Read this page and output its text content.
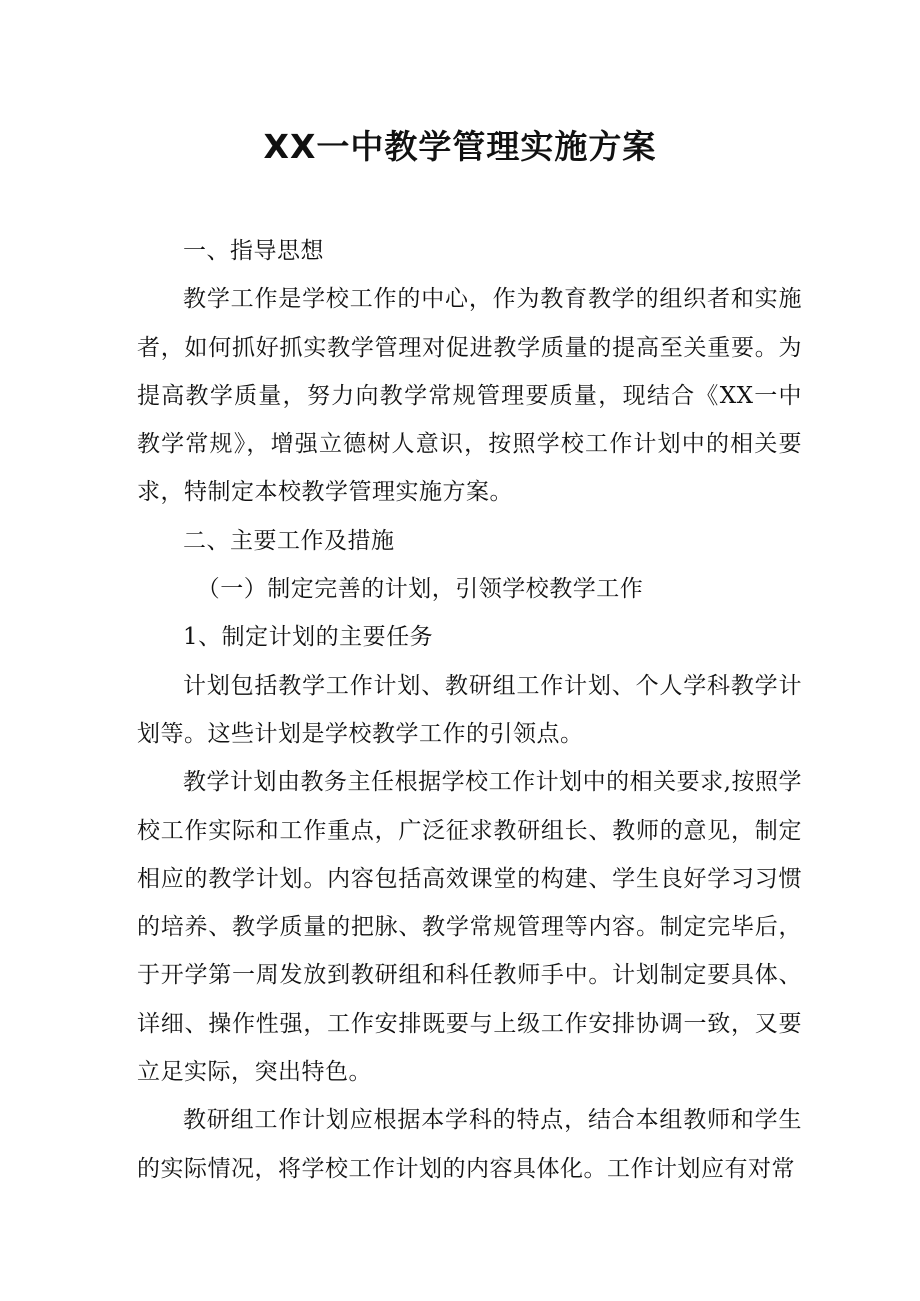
XX一中教学管理实施方案

一、指导思想

教学工作是学校工作的中心，作为教育教学的组织者和实施者，如何抓好抓实教学管理对促进教学质量的提高至关重要。为提高教学质量，努力向教学常规管理要质量，现结合《XX一中教学常规》，增强立德树人意识，按照学校工作计划中的相关要求，特制定本校教学管理实施方案。

二、主要工作及措施

（一）制定完善的计划，引领学校教学工作

1、制定计划的主要任务

计划包括教学工作计划、教研组工作计划、个人学科教学计划等。这些计划是学校教学工作的引领点。

教学计划由教务主任根据学校工作计划中的相关要求,按照学校工作实际和工作重点，广泛征求教研组长、教师的意见，制定相应的教学计划。内容包括高效课堂的构建、学生良好学习习惯的培养、教学质量的把脉、教学常规管理等内容。制定完毕后，于开学第一周发放到教研组和科任教师手中。计划制定要具体、详细、操作性强，工作安排既要与上级工作安排协调一致，又要立足实际，突出特色。

教研组工作计划应根据本学科的特点，结合本组教师和学生的实际情况，将学校工作计划的内容具体化。工作计划应有对常
